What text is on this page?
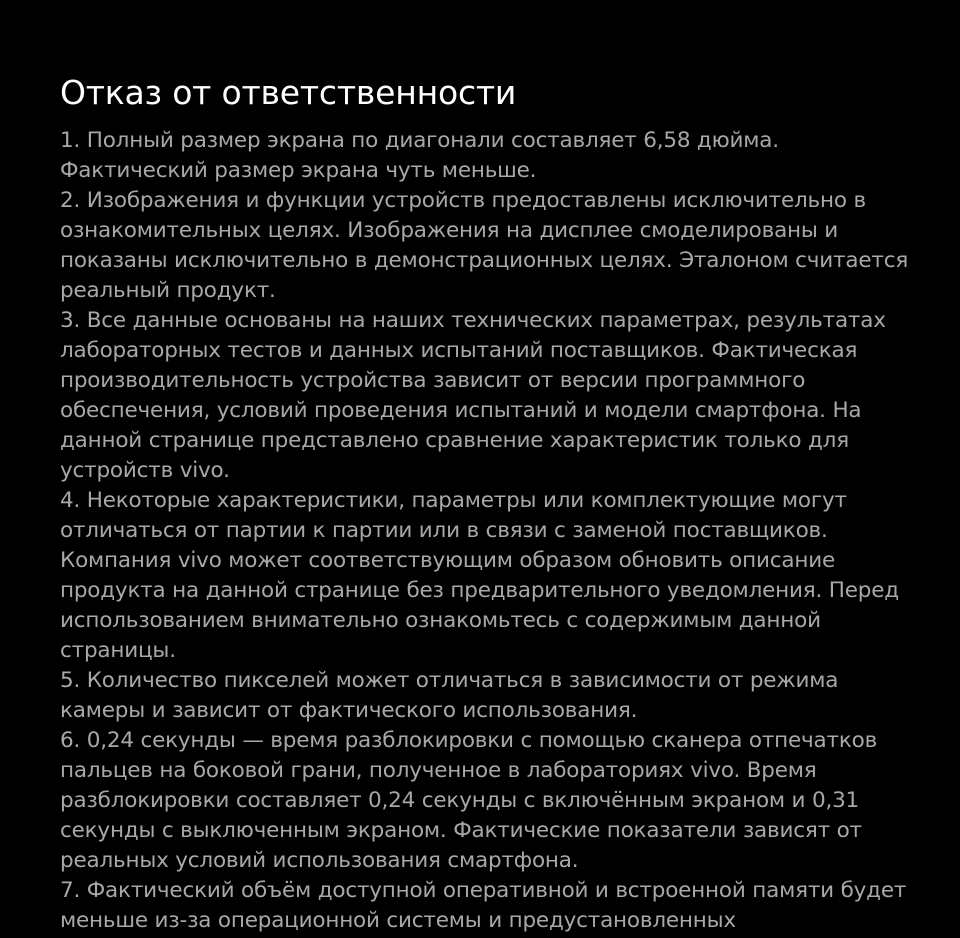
Отказ от ответственности
1. Полный размер экрана по диагонали составляет 6,58 дюйма. Фактический размер экрана чуть меньше.
2. Изображения и функции устройств предоставлены исключительно в ознакомительных целях. Изображения на дисплее смоделированы и показаны исключительно в демонстрационных целях. Эталоном считается реальный продукт.
3. Все данные основаны на наших технических параметрах, результатах лабораторных тестов и данных испытаний поставщиков. Фактическая производительность устройства зависит от версии программного обеспечения, условий проведения испытаний и модели смартфона. На данной странице представлено сравнение характеристик только для устройств vivo.
4. Некоторые характеристики, параметры или комплектующие могут отличаться от партии к партии или в связи с заменой поставщиков. Компания vivo может соответствующим образом обновить описание продукта на данной странице без предварительного уведомления. Перед использованием внимательно ознакомьтесь с содержимым данной страницы.
5. Количество пикселей может отличаться в зависимости от режима камеры и зависит от фактического использования.
6. 0,24 секунды — время разблокировки с помощью сканера отпечатков пальцев на боковой грани, полученное в лабораториях vivo. Время разблокировки составляет 0,24 секунды с включённым экраном и 0,31 секунды с выключенным экраном. Фактические показатели зависят от реальных условий использования смартфона.
7. Фактический объём доступной оперативной и встроенной памяти будет меньше из-за операционной системы и предустановленных
